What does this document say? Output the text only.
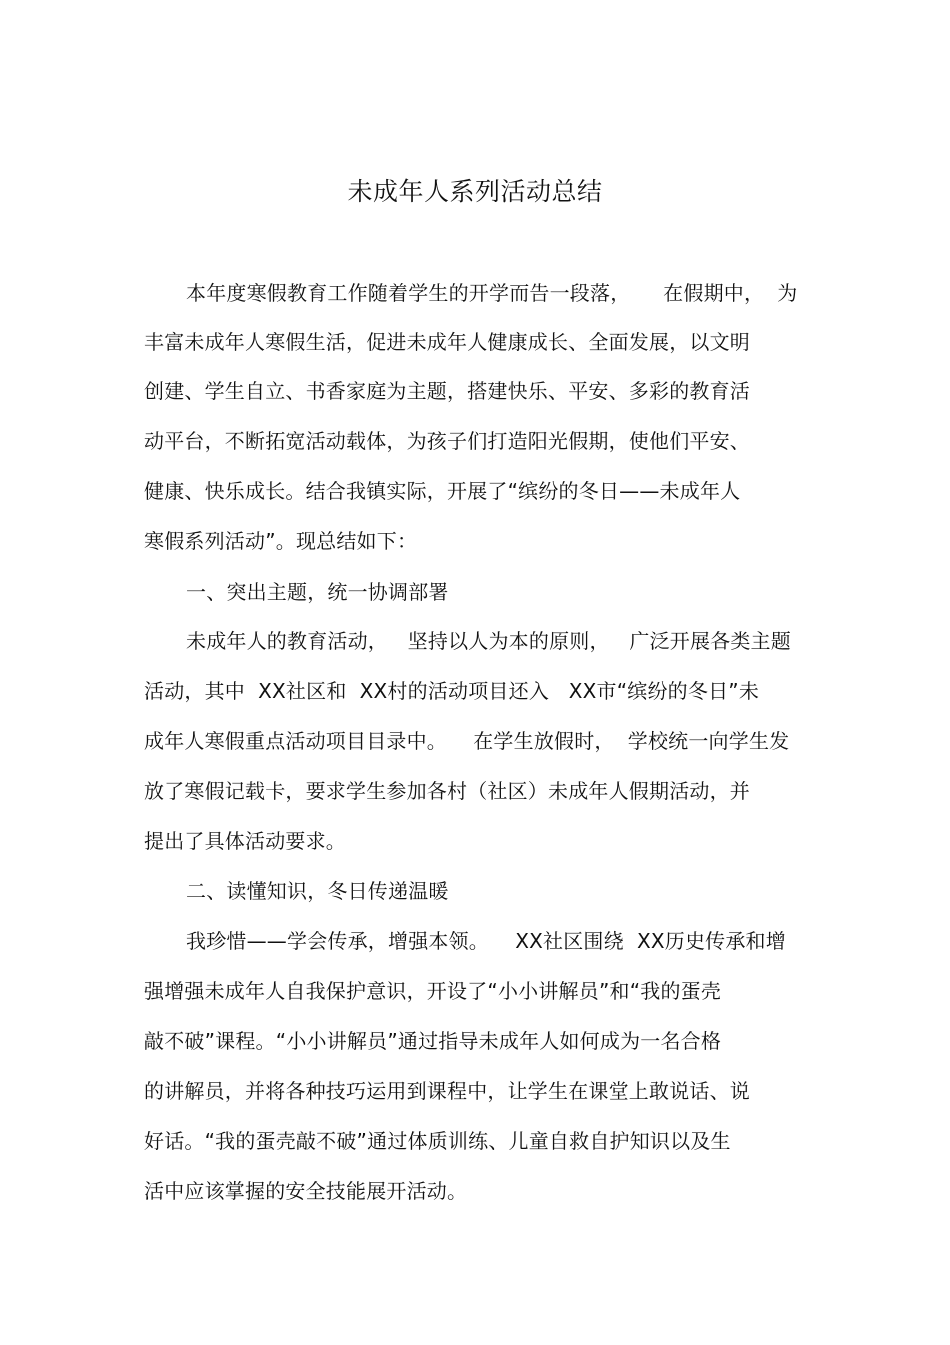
未成年人系列活动总结
本年度寒假教育工作随着学生的开学而告一段落，     在假期中，  为
丰富未成年人寒假生活，促进未成年人健康成长、全面发展，以文明
创建、学生自立、书香家庭为主题，搭建快乐、平安、多彩的教育活
动平台，不断拓宽活动载体，为孩子们打造阳光假期，使他们平安、
健康、快乐成长。结合我镇实际，开展了“缤纷的冬日——未成年人
寒假系列活动”。现总结如下：
一、突出主题，统一协调部署
未成年人的教育活动，   坚持以人为本的原则，   广泛开展各类主题
活动，其中  XX社区和  XX村的活动项目还入   XX市“缤纷的冬日”未
成年人寒假重点活动项目目录中。    在学生放假时，  学校统一向学生发
放了寒假记载卡，要求学生参加各村（社区）未成年人假期活动，并
提出了具体活动要求。
二、读懂知识，冬日传递温暖
我珍惜——学会传承，增强本领。    XX社区围绕  XX历史传承和增
强增强未成年人自我保护意识，开设了“小小讲解员”和“我的蛋壳
敲不破”课程。“小小讲解员”通过指导未成年人如何成为一名合格
的讲解员，并将各种技巧运用到课程中，让学生在课堂上敢说话、说
好话。“我的蛋壳敲不破”通过体质训练、儿童自救自护知识以及生
活中应该掌握的安全技能展开活动。
